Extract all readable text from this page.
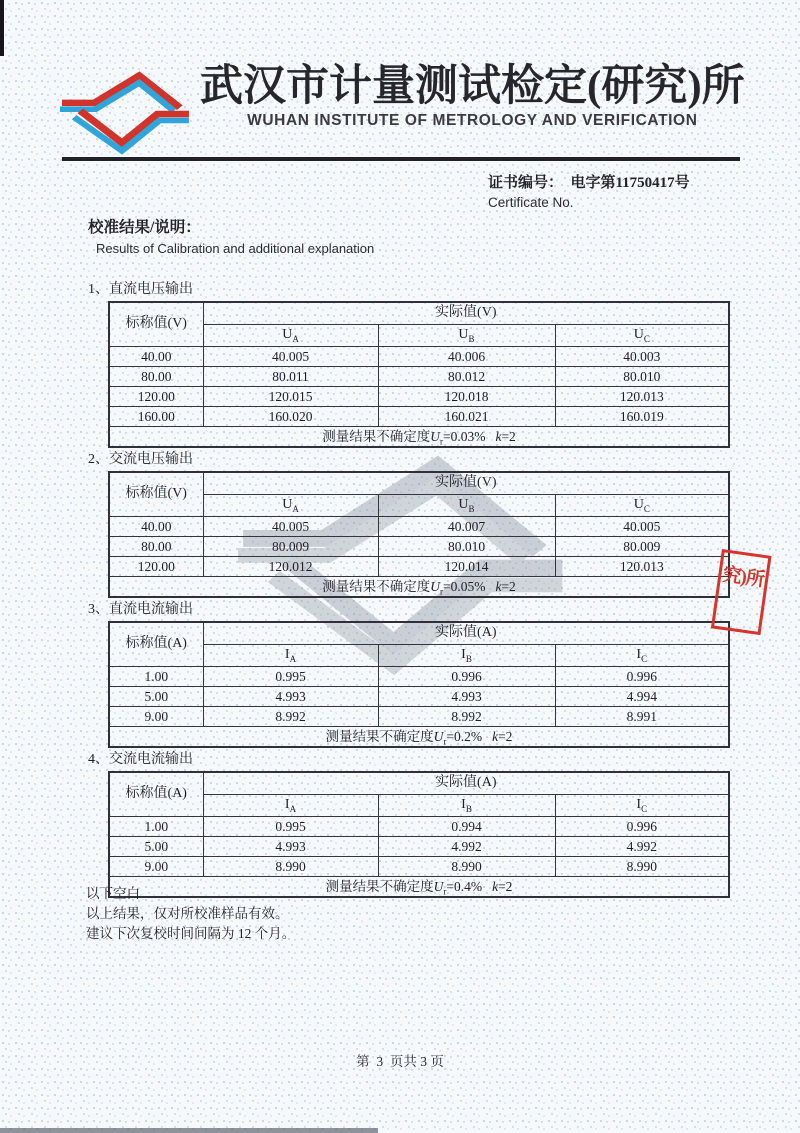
武汉市计量测试检定(研究)所
WUHAN INSTITUTE OF METROLOGY AND VERIFICATION
证书编号：  电字第11750417号
Certificate No.
校准结果/说明：
Results of Calibration and additional explanation
1、直流电压输出
标称值(V)	实际值(V)		
	$U_A$	$U_B$	$U_C$
40.00	40.005	40.006	40.003
80.00	80.011	80.012	80.010
120.00	120.015	120.018	120.013
160.00	160.020	160.021	160.019
测量结果不确定度$U_r=0.03\%$ k=2			
2、交流电压输出
标称值(V)	实际值(V)		
	$U_A$	$U_B$	$U_C$
40.00	40.005	40.007	40.005
80.00	80.009	80.010	80.009
120.00	120.012	120.014	120.013
测量结果不确定度$U_r=0.05\%$ k=2			
3、直流电流输出
标称值(A)	实际值(A)		
	$I_A$	$I_B$	$I_C$
1.00	0.995	0.996	0.996
5.00	4.993	4.993	4.994
9.00	8.992	8.992	8.991
测量结果不确定度$U_r=0.2\%$ k=2			
4、交流电流输出
标称值(A)	实际值(A)		
	$I_A$	$I_B$	$I_C$
1.00	0.995	0.994	0.996
5.00	4.993	4.992	4.992
9.00	8.990	8.990	8.990
测量结果不确定度$U_r=0.4\%$ k=2			
以下空白
以上结果，仅对所校准样品有效。
建议下次复校时间间隔为 12 个月。
第  3  页共 3 页
究)所
